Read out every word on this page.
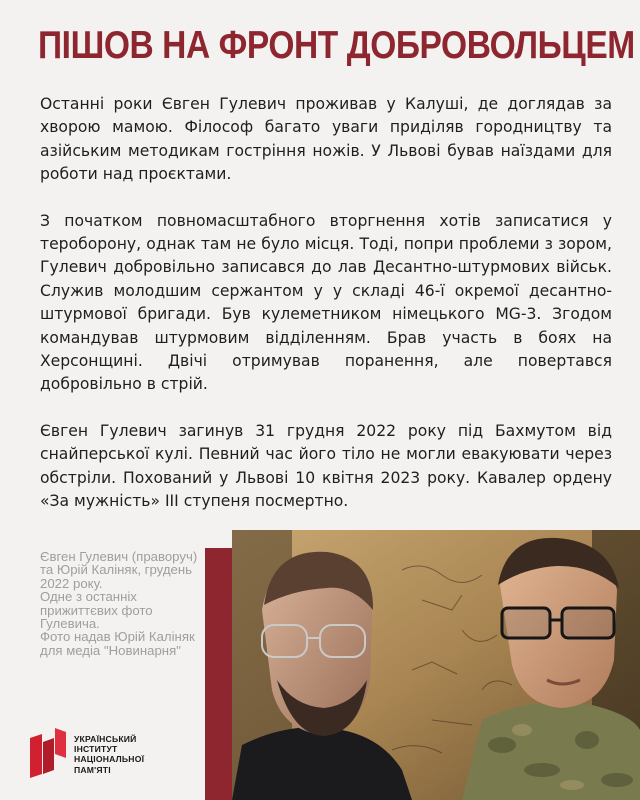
ПІШОВ НА ФРОНТ ДОБРОВОЛЬЦЕМ

Останні роки Євген Гулевич проживав у Калуші, де доглядав за хворою мамою. Філософ багато уваги приділяв городництву та азійським методикам гостріння ножів. У Львові бував наїздами для роботи над проєктами.

З початком повномасштабного вторгнення хотів записатися у тероборону, однак там не було місця. Тоді, попри проблеми з зором, Гулевич добровільно записався до лав Десантно-штурмових військ. Служив молодшим сержантом у у складі 46-ї окремої десантно-штурмової бригади. Був кулеметником німецького MG-3. Згодом командував штурмовим відділенням. Брав участь в боях на Херсонщині. Двічі отримував поранення, але повертався добровільно в стрій.

Євген Гулевич загинув 31 грудня 2022 року під Бахмутом від снайперської кулі. Певний час його тіло не могли евакуювати через обстріли. Похований у Львові 10 квітня 2023 року. Кавалер ордену «За мужність» ІІІ ступеня посмертно.

Євген Гулевич (праворуч) та Юрій Каліняк, грудень 2022 року.
Одне з останніх прижиттєвих фото Гулевича.
Фото надав Юрій Каліняк для медіа "Новинарня"
УКРАЇНСЬКИЙ
ІНСТИТУТ
НАЦІОНАЛЬНОЇ
ПАМ'ЯТІ
